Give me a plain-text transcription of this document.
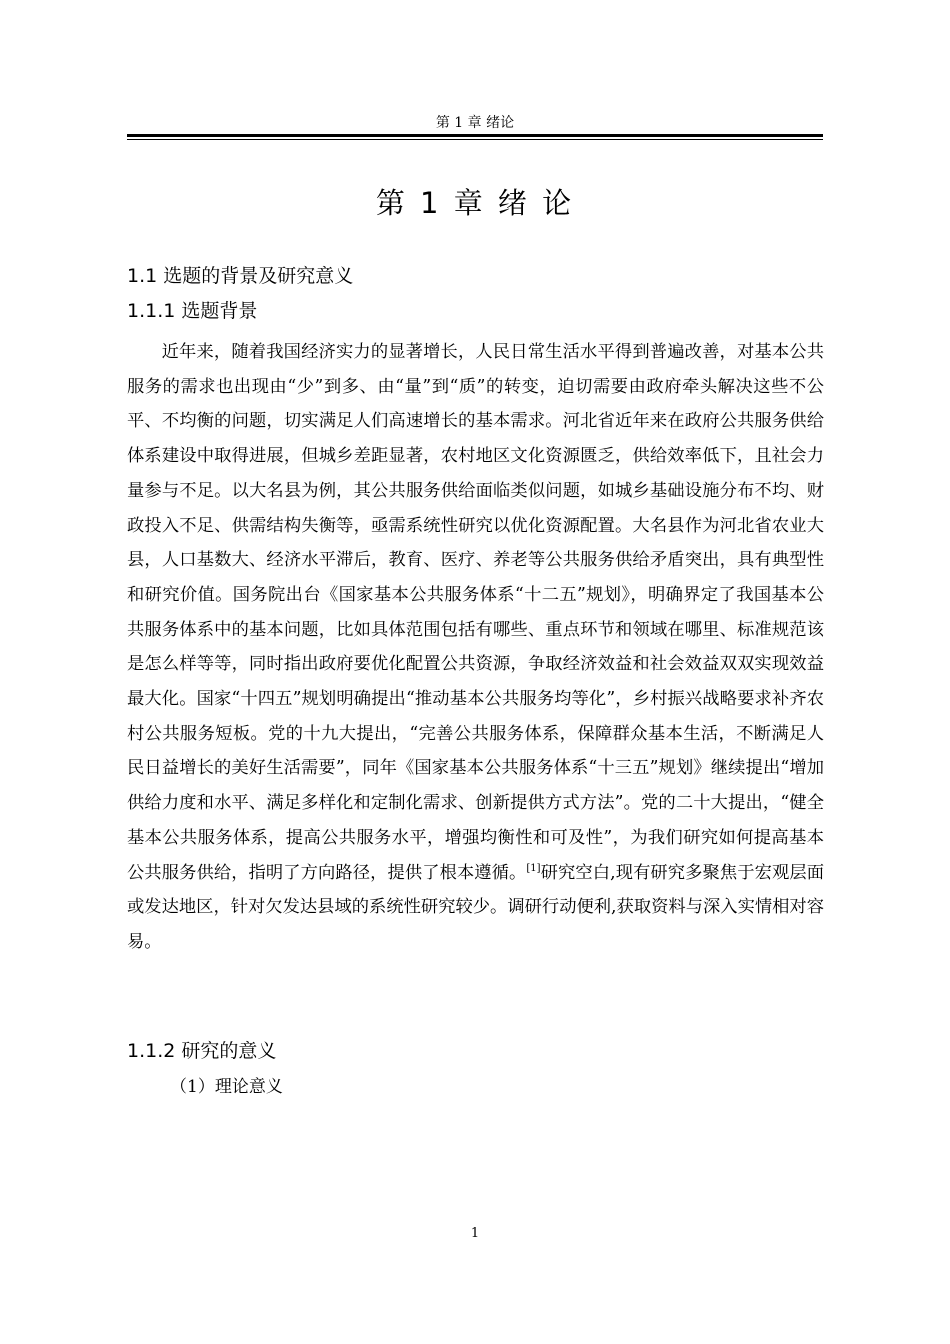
第 1 章 绪论
第 1 章 绪 论
1.1 选题的背景及研究意义
1.1.1 选题背景

近年来，随着我国经济实力的显著增长，人民日常生活水平得到普遍改善，对基本公共服务的需求也出现由“少”到多、由“量”到“质”的转变，迫切需要由政府牵头解决这些不公平、不均衡的问题，切实满足人们高速增长的基本需求。河北省近年来在政府公共服务供给体系建设中取得进展，但城乡差距显著，农村地区文化资源匮乏，供给效率低下，且社会力量参与不足。以大名县为例，其公共服务供给面临类似问题，如城乡基础设施分布不均、财政投入不足、供需结构失衡等，亟需系统性研究以优化资源配置。大名县作为河北省农业大县，人口基数大、经济水平滞后，教育、医疗、养老等公共服务供给矛盾突出，具有典型性和研究价值。国务院出台《国家基本公共服务体系“十二五”规划》，明确界定了我国基本公共服务体系中的基本问题，比如具体范围包括有哪些、重点环节和领域在哪里、标准规范该是怎么样等等，同时指出政府要优化配置公共资源，争取经济效益和社会效益双双实现效益最大化。国家“十四五”规划明确提出“推动基本公共服务均等化”，乡村振兴战略要求补齐农村公共服务短板。党的十九大提出，“完善公共服务体系，保障群众基本生活，不断满足人民日益增长的美好生活需要”，同年《国家基本公共服务体系“十三五”规划》继续提出“增加供给力度和水平、满足多样化和定制化需求、创新提供方式方法”。党的二十大提出，“健全基本公共服务体系，提高公共服务水平，增强均衡性和可及性”，为我们研究如何提高基本公共服务供给，指明了方向路径，提供了根本遵循。[1]研究空白,现有研究多聚焦于宏观层面或发达地区，针对欠发达县域的系统性研究较少。调研行动便利,获取资料与深入实情相对容易。

1.1.2 研究的意义
（1）理论意义
1
